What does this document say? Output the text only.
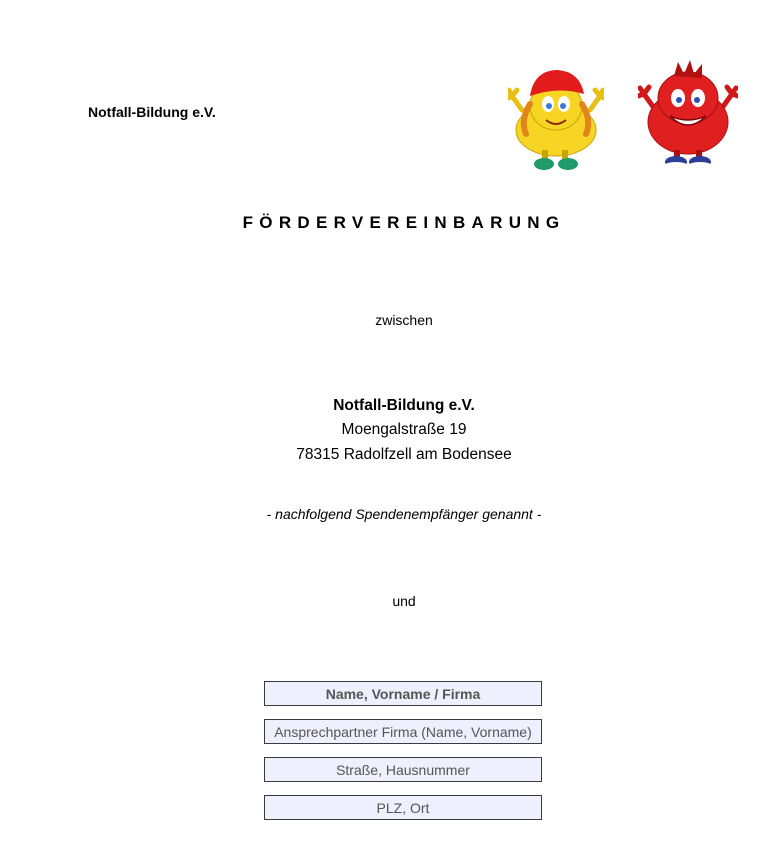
Notfall-Bildung e.V.
FÖRDERVEREINBARUNG
zwischen
Notfall-Bildung e.V.
Moengalstraße 19
78315 Radolfzell am Bodensee
- nachfolgend Spendenempfänger genannt -
und
Name, Vorname / Firma
Ansprechpartner Firma (Name, Vorname)
Straße, Hausnummer
PLZ, Ort
